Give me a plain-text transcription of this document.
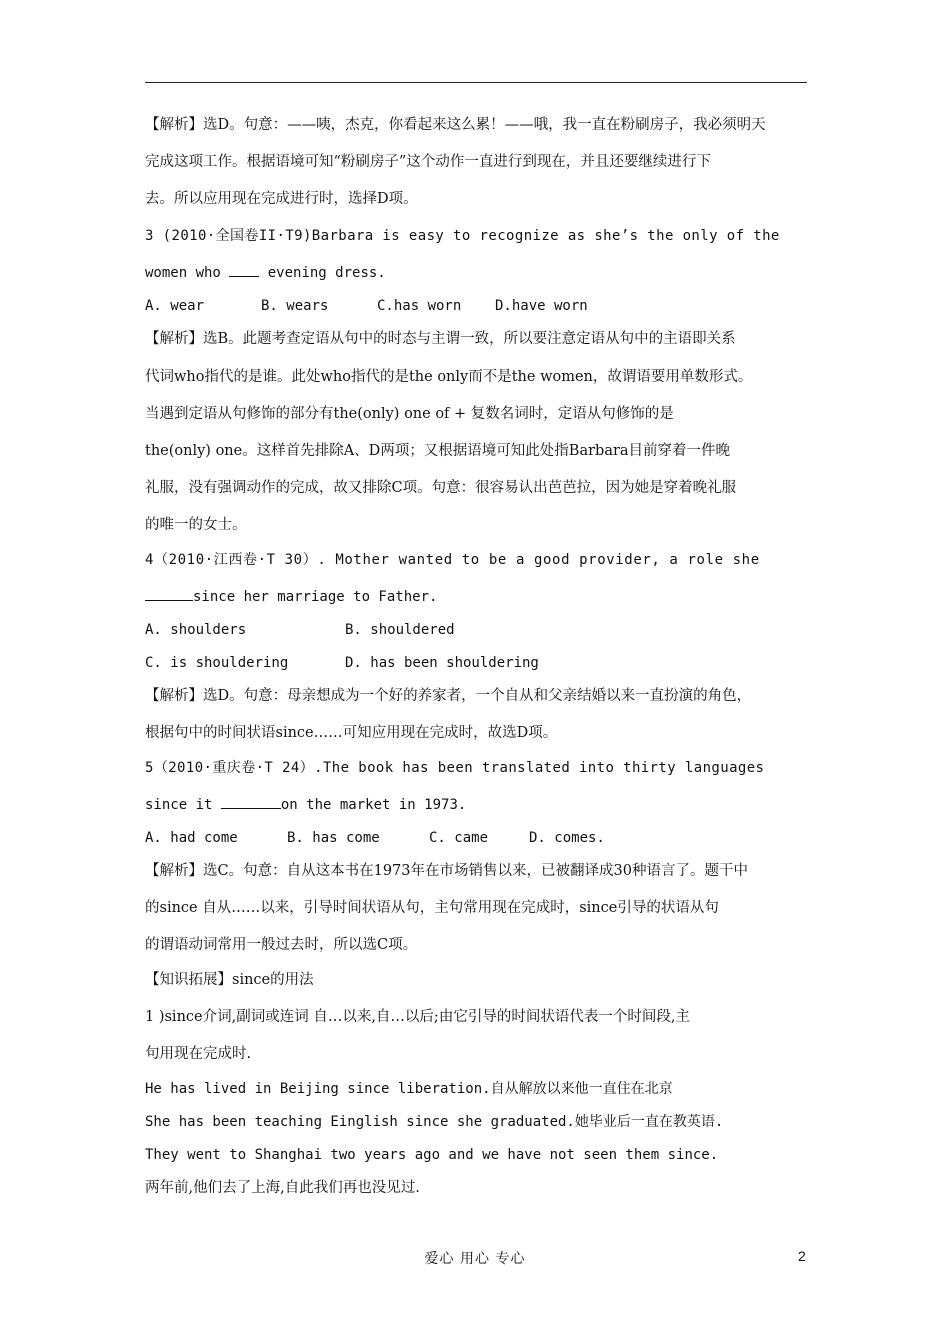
【解析】选D。句意：——咦，杰克，你看起来这么累！——哦，我一直在粉刷房子，我必须明天
完成这项工作。根据语境可知“粉刷房子”这个动作一直进行到现在，并且还要继续进行下
去。所以应用现在完成进行时，选择D项。
3 (2010·全国卷II·T9)Barbara is easy to recognize as she’s the only of the
women who	evening dress.
A. wear	B. wears	C.has worn	D.have worn
【解析】选B。此题考查定语从句中的时态与主谓一致，所以要注意定语从句中的主语即关系
代词who指代的是谁。此处who指代的是the only而不是the women，故谓语要用单数形式。
当遇到定语从句修饰的部分有the(only) one of + 复数名词时，定语从句修饰的是
the(only) one。这样首先排除A、D两项；又根据语境可知此处指Barbara目前穿着一件晚
礼服，没有强调动作的完成，故又排除C项。句意：很容易认出芭芭拉，因为她是穿着晚礼服
的唯一的女士。
4（2010·江西卷·T 30）. Mother wanted to be a good provider, a role she
since her marriage to Father.
A. shoulders	B. shouldered
C. is shouldering	D. has been shouldering
【解析】选D。句意：母亲想成为一个好的养家者，一个自从和父亲结婚以来一直扮演的角色，
根据句中的时间状语since……可知应用现在完成时，故选D项。
5（2010·重庆卷·T 24）.The book has been translated into thirty languages
since it	on the market in 1973.
A. had come	B. has come	C. came	D. comes.
【解析】选C。句意：自从这本书在1973年在市场销售以来，已被翻译成30种语言了。题干中
的since 自从……以来，引导时间状语从句，主句常用现在完成时，since引导的状语从句
的谓语动词常用一般过去时，所以选C项。
【知识拓展】since的用法
1 )since介词,副词或连词 自…以来,自…以后;由它引导的时间状语代表一个时间段,主
句用现在完成时.
He has lived in Beijing since liberation.自从解放以来他一直住在北京
She has been teaching Einglish since she graduated.她毕业后一直在教英语.
They went to Shanghai two years ago and we have not seen them since.
两年前,他们去了上海,自此我们再也没见过.
爱心 用心 专心	2
